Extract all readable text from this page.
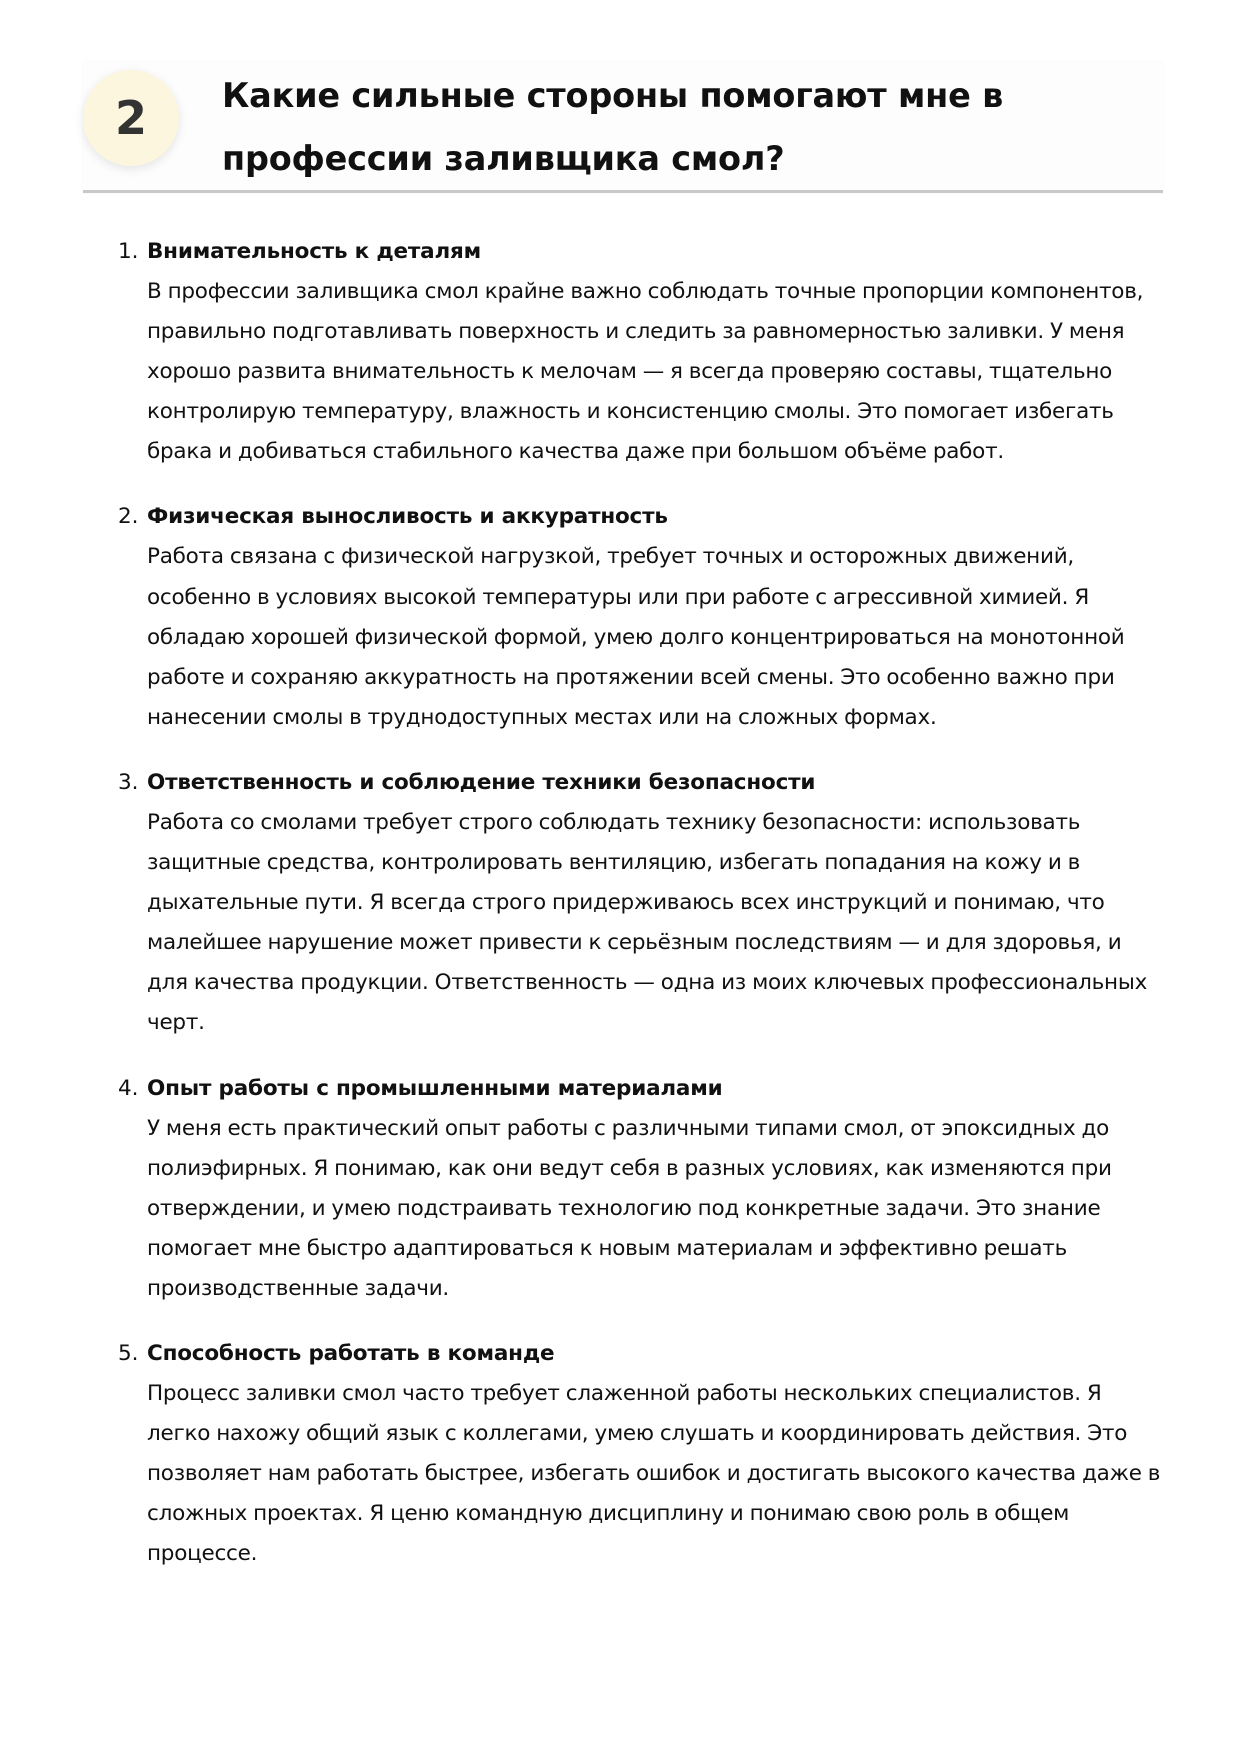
2	Какие сильные стороны помогают мне в профессии заливщика смол?
1. Внимательность к деталям

В профессии заливщика смол крайне важно соблюдать точные пропорции компонентов, правильно подготавливать поверхность и следить за равномерностью заливки. У меня хорошо развита внимательность к мелочам — я всегда проверяю составы, тщательно контролирую температуру, влажность и консистенцию смолы. Это помогает избегать брака и добиваться стабильного качества даже при большом объёме работ.

2. Физическая выносливость и аккуратность

Работа связана с физической нагрузкой, требует точных и осторожных движений, особенно в условиях высокой температуры или при работе с агрессивной химией. Я обладаю хорошей физической формой, умею долго концентрироваться на монотонной работе и сохраняю аккуратность на протяжении всей смены. Это особенно важно при нанесении смолы в труднодоступных местах или на сложных формах.

3. Ответственность и соблюдение техники безопасности

Работа со смолами требует строго соблюдать технику безопасности: использовать защитные средства, контролировать вентиляцию, избегать попадания на кожу и в дыхательные пути. Я всегда строго придерживаюсь всех инструкций и понимаю, что малейшее нарушение может привести к серьёзным последствиям — и для здоровья, и для качества продукции. Ответственность — одна из моих ключевых профессиональных черт.

4. Опыт работы с промышленными материалами

У меня есть практический опыт работы с различными типами смол, от эпоксидных до полиэфирных. Я понимаю, как они ведут себя в разных условиях, как изменяются при отверждении, и умею подстраивать технологию под конкретные задачи. Это знание помогает мне быстро адаптироваться к новым материалам и эффективно решать производственные задачи.

5. Способность работать в команде

Процесс заливки смол часто требует слаженной работы нескольких специалистов. Я легко нахожу общий язык с коллегами, умею слушать и координировать действия. Это позволяет нам работать быстрее, избегать ошибок и достигать высокого качества даже в сложных проектах. Я ценю командную дисциплину и понимаю свою роль в общем процессе.
